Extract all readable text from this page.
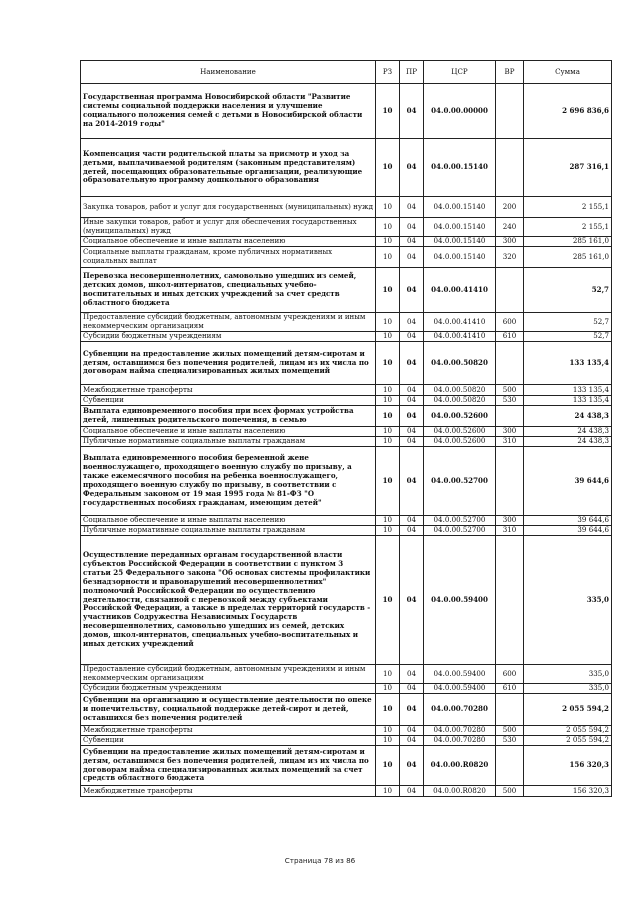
Наименование	РЗ	ПР	ЦСР	ВР	Сумма
Государственная программа Новосибирской области "Развитие системы социальной поддержки населения и улучшение социального положения семей с детьми в Новосибирской области на 2014-2019 годы"	10	04	04.0.00.00000		2 696 836,6
Компенсация части родительской платы за присмотр и уход за детьми, выплачиваемой родителям (законным представителям) детей, посещающих образовательные организации, реализующие образовательную программу дошкольного образования	10	04	04.0.00.15140		287 316,1
Закупка товаров, работ и услуг для государственных (муниципальных) нужд	10	04	04.0.00.15140	200	2 155,1
Иные закупки товаров, работ и услуг для обеспечения государственных (муниципальных) нужд	10	04	04.0.00.15140	240	2 155,1
Социальное обеспечение и иные выплаты населению	10	04	04.0.00.15140	300	285 161,0
Социальные выплаты гражданам, кроме публичных нормативных социальных выплат	10	04	04.0.00.15140	320	285 161,0
Перевозка несовершеннолетних, самовольно ушедших из семей, детских домов, школ-интернатов, специальных учебно-воспитательных и иных детских учреждений за счет средств областного бюджета	10	04	04.0.00.41410		52,7
Предоставление субсидий бюджетным, автономным учреждениям и иным некоммерческим организациям	10	04	04.0.00.41410	600	52,7
Субсидии бюджетным учреждениям	10	04	04.0.00.41410	610	52,7
Субвенции на предоставление жилых помещений детям-сиротам и детям, оставшимся без попечения родителей, лицам из их числа по договорам найма специализированных жилых помещений	10	04	04.0.00.50820		133 135,4
Межбюджетные трансферты	10	04	04.0.00.50820	500	133 135,4
Субвенции	10	04	04.0.00.50820	530	133 135,4
Выплата единовременного пособия при всех формах устройства детей, лишенных родительского попечения, в семью	10	04	04.0.00.52600		24 438,3
Социальное обеспечение и иные выплаты населению	10	04	04.0.00.52600	300	24 438,3
Публичные нормативные социальные выплаты гражданам	10	04	04.0.00.52600	310	24 438,3
Выплата единовременного пособия беременной жене военнослужащего, проходящего военную службу по призыву, а также ежемесячного пособия на ребенка военнослужащего, проходящего военную службу по призыву, в соответствии с Федеральным законом от 19 мая 1995 года № 81-ФЗ "О государственных пособиях гражданам, имеющим детей"	10	04	04.0.00.52700		39 644,6
Социальное обеспечение и иные выплаты населению	10	04	04.0.00.52700	300	39 644,6
Публичные нормативные социальные выплаты гражданам	10	04	04.0.00.52700	310	39 644,6
Осуществление переданных органам государственной власти субъектов Российской Федерации в соответствии с пунктом 3 статьи 25 Федерального закона "Об основах системы профилактики безнадзорности и правонарушений несовершеннолетних" полномочий Российской Федерации по осуществлению деятельности, связанной с перевозкой между субъектами Российской Федерации, а также в пределах территорий государств - участников Содружества Независимых Государств несовершеннолетних, самовольно ушедших из семей, детских домов, школ-интернатов, специальных учебно-воспитательных и иных детских учреждений	10	04	04.0.00.59400		335,0
Предоставление субсидий бюджетным, автономным учреждениям и иным некоммерческим организациям	10	04	04.0.00.59400	600	335,0
Субсидии бюджетным учреждениям	10	04	04.0.00.59400	610	335,0
Субвенции на организацию и осуществление деятельности по опеке и попечительству, социальной поддержке детей-сирот и детей, оставшихся без попечения родителей	10	04	04.0.00.70280		2 055 594,2
Межбюджетные трансферты	10	04	04.0.00.70280	500	2 055 594,2
Субвенции	10	04	04.0.00.70280	530	2 055 594,2
Субвенции на предоставление жилых помещений детям-сиротам и детям, оставшимся без попечения родителей, лицам из их числа по договорам найма специализированных жилых помещений за счет средств областного бюджета	10	04	04.0.00.R0820		156 320,3
Межбюджетные трансферты	10	04	04.0.00.R0820	500	156 320,3
Страница 78 из 86
